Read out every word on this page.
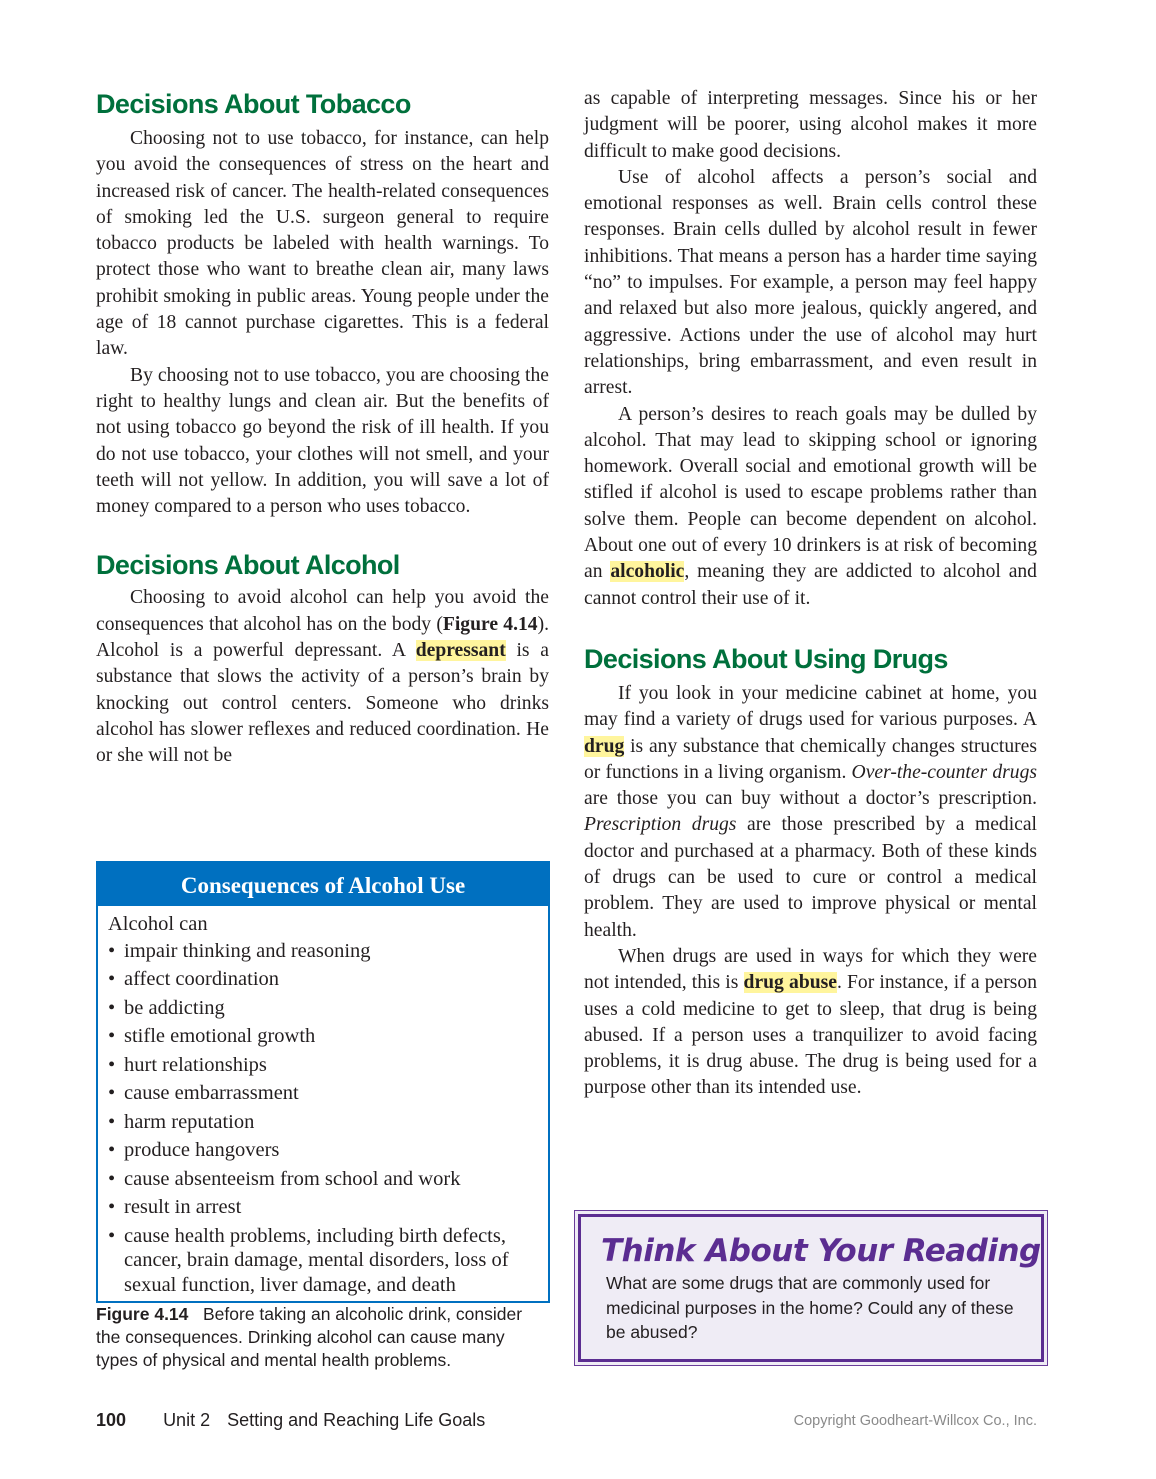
Decisions About Tobacco

Choosing not to use tobacco, for instance, can help you avoid the consequences of stress on the heart and increased risk of cancer. The health-related consequences of smoking led the U.S. surgeon general to require tobacco products be labeled with health warnings. To protect those who want to breathe clean air, many laws prohibit smoking in public areas. Young people under the age of 18 cannot purchase cigarettes. This is a federal law.

By choosing not to use tobacco, you are choosing the right to healthy lungs and clean air. But the benefits of not using tobacco go beyond the risk of ill health. If you do not use tobacco, your clothes will not smell, and your teeth will not yellow. In addition, you will save a lot of money compared to a person who uses tobacco.

Decisions About Alcohol

Choosing to avoid alcohol can help you avoid the consequences that alcohol has on the body (Figure 4.14). Alcohol is a powerful depressant. A depressant is a substance that slows the activity of a person’s brain by knocking out control centers. Someone who drinks alcohol has slower reflexes and reduced coordination. He or she will not be

Consequences of Alcohol Use
Alcohol can
• impair thinking and reasoning
• affect coordination
• be addicting
• stifle emotional growth
• hurt relationships
• cause embarrassment
• harm reputation
• produce hangovers
• cause absenteeism from school and work
• result in arrest
• cause health problems, including birth defects, cancer, brain damage, mental disorders, loss of sexual function, liver damage, and death
Figure 4.14 Before taking an alcoholic drink, consider the consequences. Drinking alcohol can cause many types of physical and mental health problems.

as capable of interpreting messages. Since his or her judgment will be poorer, using alcohol makes it more difficult to make good decisions.

Use of alcohol affects a person’s social and emotional responses as well. Brain cells control these responses. Brain cells dulled by alcohol result in fewer inhibitions. That means a person has a harder time saying “no” to impulses. For example, a person may feel happy and relaxed but also more jealous, quickly angered, and aggressive. Actions under the use of alcohol may hurt relationships, bring embarrassment, and even result in arrest.

A person’s desires to reach goals may be dulled by alcohol. That may lead to skipping school or ignoring homework. Overall social and emotional growth will be stifled if alcohol is used to escape problems rather than solve them. People can become dependent on alcohol. About one out of every 10 drinkers is at risk of becoming an alcoholic, meaning they are addicted to alcohol and cannot control their use of it.

Decisions About Using Drugs

If you look in your medicine cabinet at home, you may find a variety of drugs used for various purposes. A drug is any substance that chemically changes structures or functions in a living organism. Over-the-counter drugs are those you can buy without a doctor’s prescription. Prescription drugs are those prescribed by a medical doctor and purchased at a pharmacy. Both of these kinds of drugs can be used to cure or control a medical problem. They are used to improve physical or mental health.

When drugs are used in ways for which they were not intended, this is drug abuse. For instance, if a person uses a cold medicine to get to sleep, that drug is being abused. If a person uses a tranquilizer to avoid facing problems, it is drug abuse. The drug is being used for a purpose other than its intended use.

Think About Your Reading
What are some drugs that are commonly used for medicinal purposes in the home? Could any of these be abused?
100 Unit 2 Setting and Reaching Life Goals	Copyright Goodheart-Willcox Co., Inc.
